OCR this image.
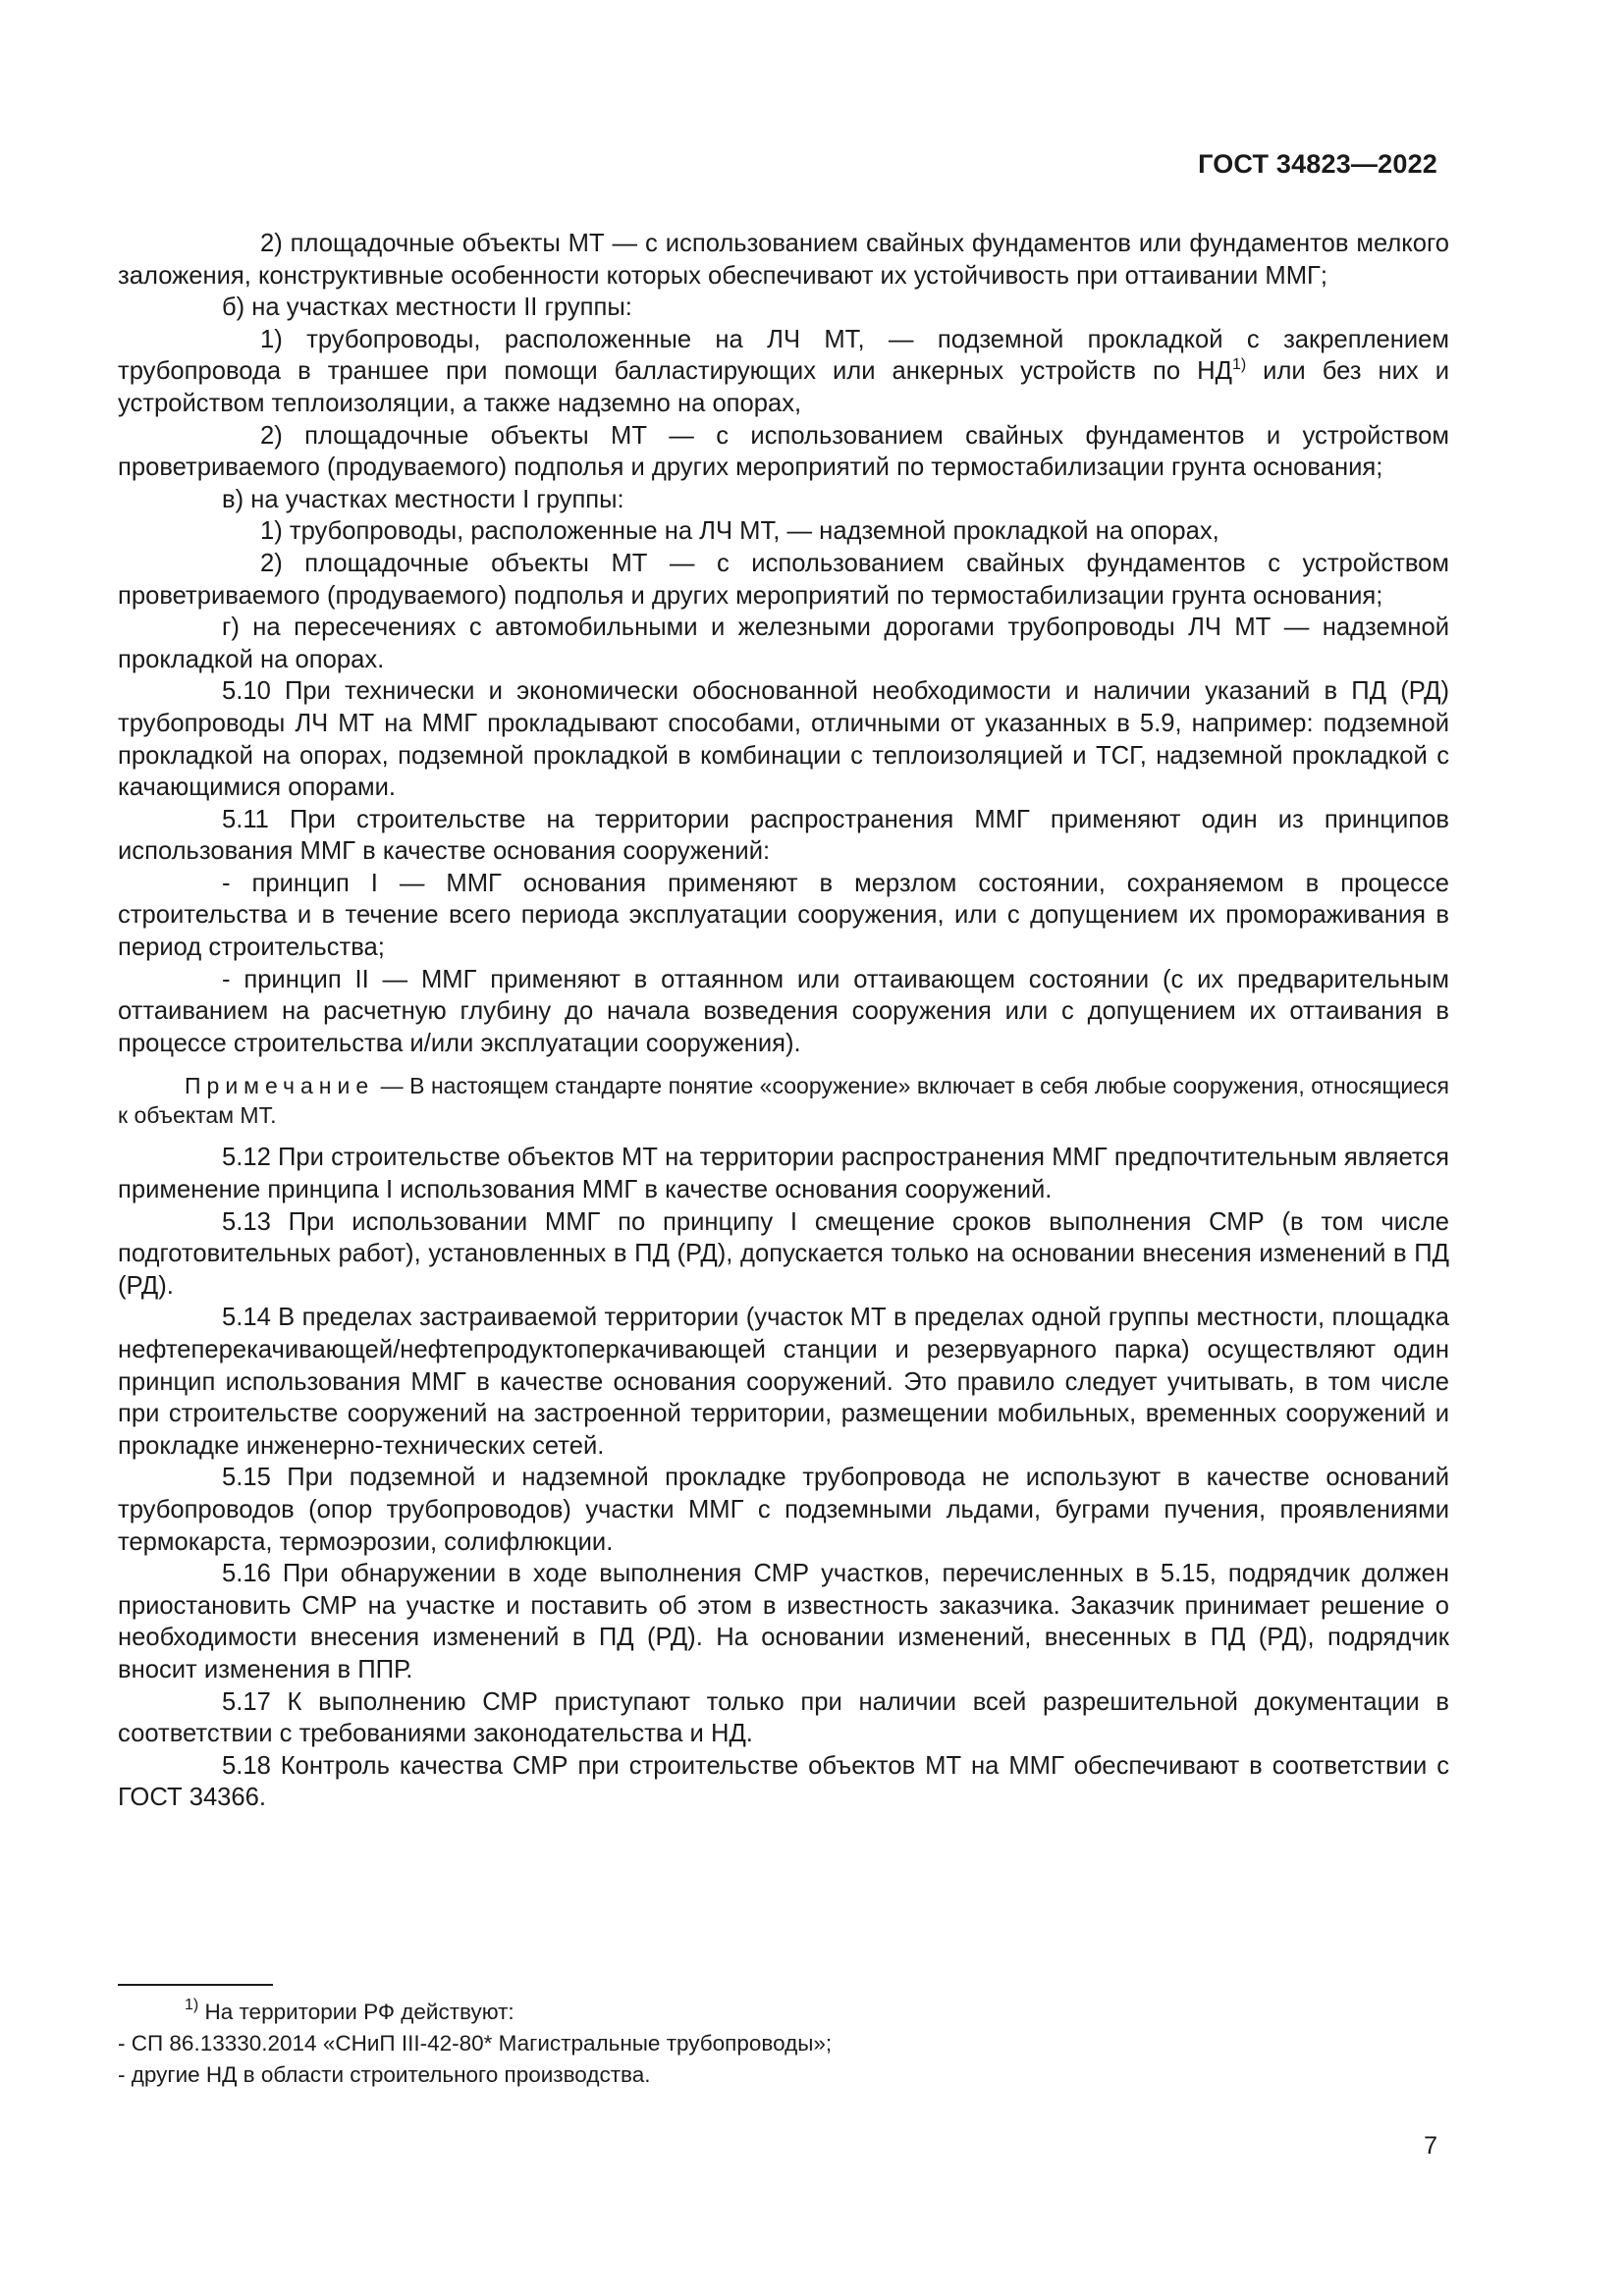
ГОСТ 34823—2022

2) площадочные объекты МТ — с использованием свайных фундаментов или фундаментов мелкого заложения, конструктивные особенности которых обеспечивают их устойчивость при оттаивании ММГ;

б) на участках местности II группы:

1) трубопроводы, расположенные на ЛЧ МТ, — подземной прокладкой с закреплением трубопровода в траншее при помощи балластирующих или анкерных устройств по НД$^{1)}$ или без них и устройством теплоизоляции, а также надземно на опорах,

2) площадочные объекты МТ — с использованием свайных фундаментов и устройством проветриваемого (продуваемого) подполья и других мероприятий по термостабилизации грунта основания;

в) на участках местности I группы:

1) трубопроводы, расположенные на ЛЧ МТ, — надземной прокладкой на опорах,

2) площадочные объекты МТ — с использованием свайных фундаментов с устройством проветриваемого (продуваемого) подполья и других мероприятий по термостабилизации грунта основания;

г) на пересечениях с автомобильными и железными дорогами трубопроводы ЛЧ МТ — надземной прокладкой на опорах.

5.10 При технически и экономически обоснованной необходимости и наличии указаний в ПД (РД) трубопроводы ЛЧ МТ на ММГ прокладывают способами, отличными от указанных в 5.9, например: подземной прокладкой на опорах, подземной прокладкой в комбинации с теплоизоляцией и ТСГ, надземной прокладкой с качающимися опорами.

5.11 При строительстве на территории распространения ММГ применяют один из принципов использования ММГ в качестве основания сооружений:

- принцип I — ММГ основания применяют в мерзлом состоянии, сохраняемом в процессе строительства и в течение всего периода эксплуатации сооружения, или с допущением их промораживания в период строительства;

- принцип II — ММГ применяют в оттаянном или оттаивающем состоянии (с их предварительным оттаиванием на расчетную глубину до начала возведения сооружения или с допущением их оттаивания в процессе строительства и/или эксплуатации сооружения).

Примечание — В настоящем стандарте понятие «сооружение» включает в себя любые сооружения, относящиеся к объектам МТ.

5.12 При строительстве объектов МТ на территории распространения ММГ предпочтительным является применение принципа I использования ММГ в качестве основания сооружений.

5.13 При использовании ММГ по принципу I смещение сроков выполнения СМР (в том числе подготовительных работ), установленных в ПД (РД), допускается только на основании внесения изменений в ПД (РД).

5.14 В пределах застраиваемой территории (участок МТ в пределах одной группы местности, площадка нефтеперекачивающей/нефтепродуктоперкачивающей станции и резервуарного парка) осуществляют один принцип использования ММГ в качестве основания сооружений. Это правило следует учитывать, в том числе при строительстве сооружений на застроенной территории, размещении мобильных, временных сооружений и прокладке инженерно-технических сетей.

5.15 При подземной и надземной прокладке трубопровода не используют в качестве оснований трубопроводов (опор трубопроводов) участки ММГ с подземными льдами, буграми пучения, проявлениями термокарста, термоэрозии, солифлюкции.

5.16 При обнаружении в ходе выполнения СМР участков, перечисленных в 5.15, подрядчик должен приостановить СМР на участке и поставить об этом в известность заказчика. Заказчик принимает решение о необходимости внесения изменений в ПД (РД). На основании изменений, внесенных в ПД (РД), подрядчик вносит изменения в ППР.

5.17 К выполнению СМР приступают только при наличии всей разрешительной документации в соответствии с требованиями законодательства и НД.

5.18 Контроль качества СМР при строительстве объектов МТ на ММГ обеспечивают в соответствии с ГОСТ 34366.

$^{1)}$ На территории РФ действуют:

- СП 86.13330.2014 «СНиП III-42-80* Магистральные трубопроводы»;

- другие НД в области строительного производства.

7
